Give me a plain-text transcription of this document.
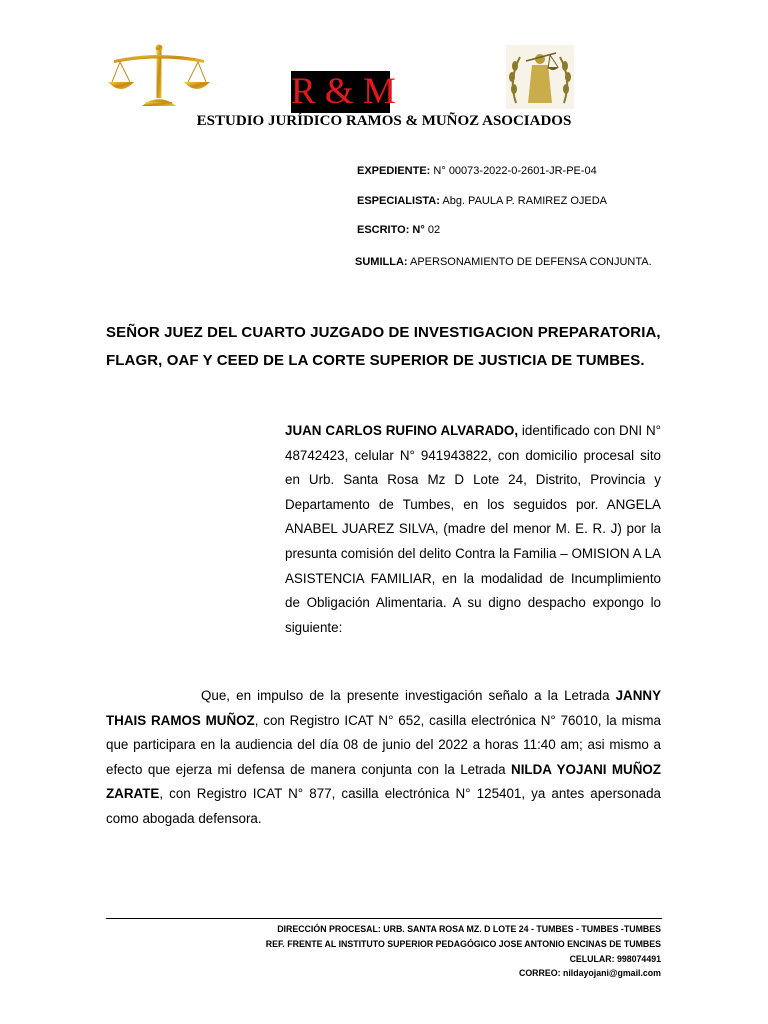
R & M
ESTUDIO JURÍDICO RAMOS & MUÑOZ ASOCIADOS
EXPEDIENTE: N° 00073-2022-0-2601-JR-PE-04
ESPECIALISTA: Abg. PAULA P. RAMIREZ OJEDA
ESCRITO: N° 02
SUMILLA: APERSONAMIENTO DE DEFENSA CONJUNTA.
SEÑOR JUEZ DEL CUARTO JUZGADO DE INVESTIGACION PREPARATORIA, FLAGR, OAF Y CEED DE LA CORTE SUPERIOR DE JUSTICIA DE TUMBES.
JUAN CARLOS RUFINO ALVARADO, identificado con DNI N° 48742423, celular N° 941943822, con domicilio procesal sito en Urb. Santa Rosa Mz D Lote 24, Distrito, Provincia y Departamento de Tumbes, en los seguidos por. ANGELA ANABEL JUAREZ SILVA, (madre del menor M. E. R. J) por la presunta comisión del delito Contra la Familia – OMISION A LA ASISTENCIA FAMILIAR, en la modalidad de Incumplimiento de Obligación Alimentaria. A su digno despacho expongo lo siguiente:
Que, en impulso de la presente investigación señalo a la Letrada JANNY THAIS RAMOS MUÑOZ, con Registro ICAT N° 652, casilla electrónica N° 76010, la misma que participara en la audiencia del día 08 de junio del 2022 a horas 11:40 am; asi mismo a efecto que ejerza mi defensa de manera conjunta con la Letrada NILDA YOJANI MUÑOZ ZARATE, con Registro ICAT N° 877, casilla electrónica N° 125401, ya antes apersonada como abogada defensora.
DIRECCIÓN PROCESAL: URB. SANTA ROSA MZ. D LOTE 24 - TUMBES - TUMBES -TUMBES
REF. FRENTE AL INSTITUTO SUPERIOR PEDAGÓGICO JOSE ANTONIO ENCINAS DE TUMBES
CELULAR: 998074491
CORREO: nildayojani@gmail.com
